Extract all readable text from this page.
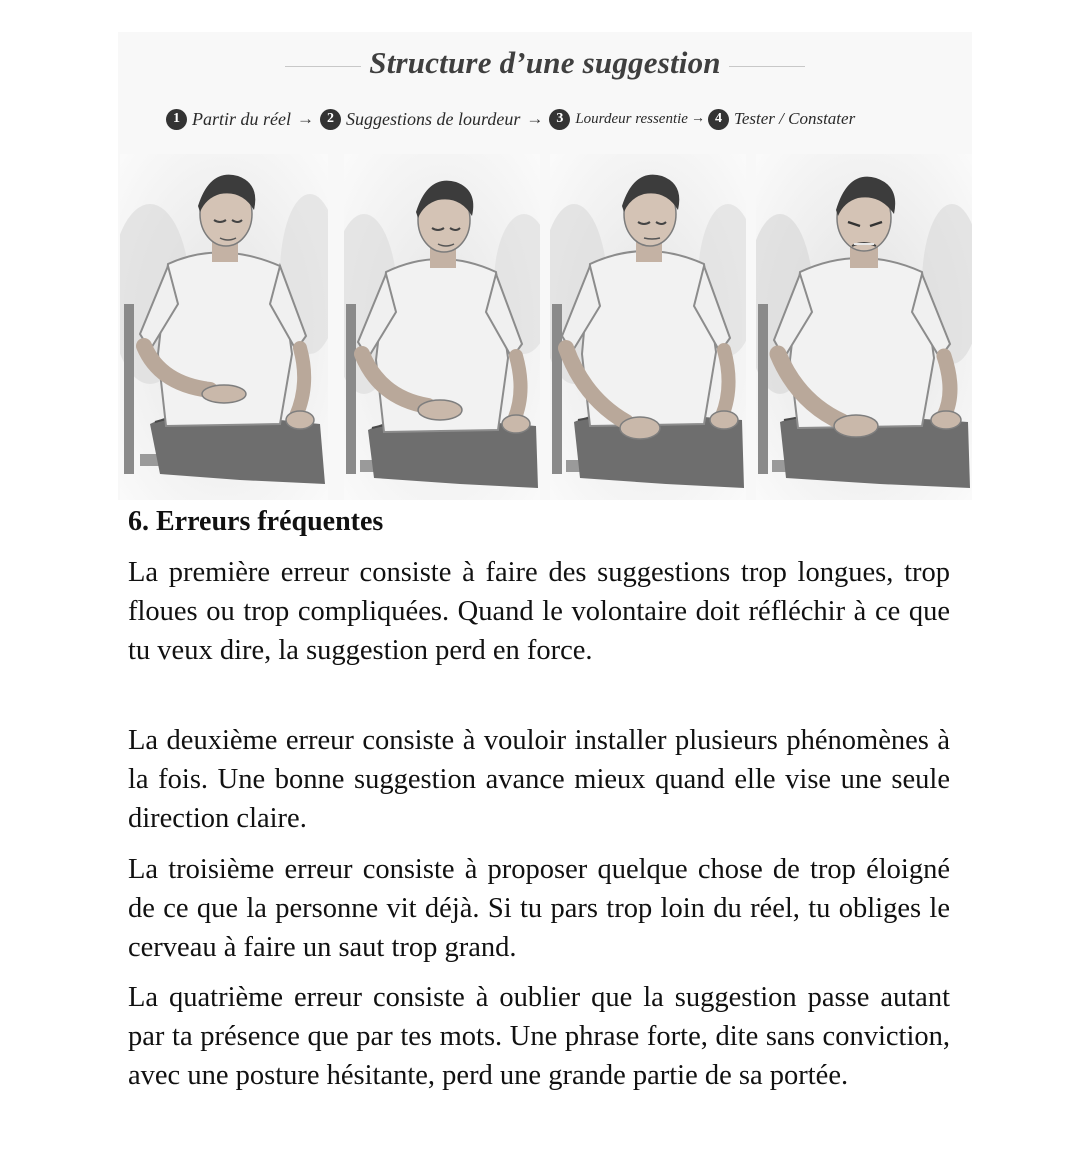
Structure d’une suggestion
1 Partir du réel → 2 Suggestions de lourdeur → 3 Lourdeur ressentie → 4 Tester / Constater
6. Erreurs fréquentes

La première erreur consiste à faire des suggestions trop longues, trop floues ou trop compliquées. Quand le volontaire doit réfléchir à ce que tu veux dire, la suggestion perd en force.

La deuxième erreur consiste à vouloir installer plusieurs phénomènes à la fois. Une bonne suggestion avance mieux quand elle vise une seule direction claire.

La troisième erreur consiste à proposer quelque chose de trop éloigné de ce que la personne vit déjà. Si tu pars trop loin du réel, tu obliges le cerveau à faire un saut trop grand.

La quatrième erreur consiste à oublier que la suggestion passe autant par ta présence que par tes mots. Une phrase forte, dite sans conviction, avec une posture hésitante, perd une grande partie de sa portée.
